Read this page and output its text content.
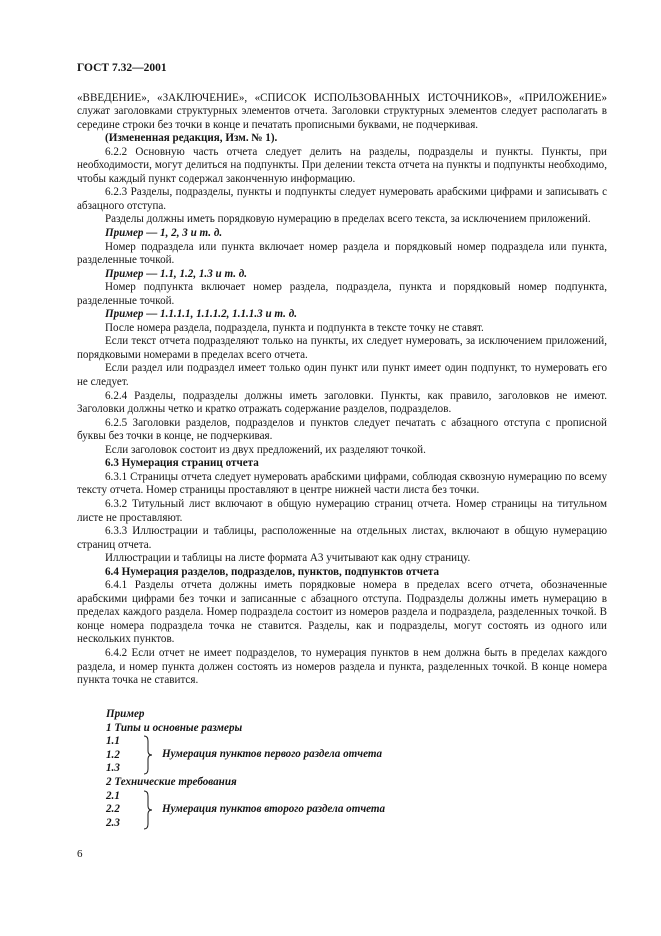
ГОСТ 7.32—2001

«ВВЕДЕНИЕ», «ЗАКЛЮЧЕНИЕ», «СПИСОК ИСПОЛЬЗОВАННЫХ ИСТОЧНИКОВ», «ПРИЛОЖЕНИЕ» служат заголовками структурных элементов отчета. Заголовки структурных элементов следует располагать в середине строки без точки в конце и печатать прописными буквами, не подчеркивая.

(Измененная редакция, Изм. № 1).

6.2.2 Основную часть отчета следует делить на разделы, подразделы и пункты. Пункты, при необходимости, могут делиться на подпункты. При делении текста отчета на пункты и подпункты необходимо, чтобы каждый пункт содержал законченную информацию.

6.2.3 Разделы, подразделы, пункты и подпункты следует нумеровать арабскими цифрами и записывать с абзацного отступа.

Разделы должны иметь порядковую нумерацию в пределах всего текста, за исключением приложений.

Пример — 1, 2, 3 и т. д.

Номер подраздела или пункта включает номер раздела и порядковый номер подраздела или пункта, разделенные точкой.

Пример — 1.1, 1.2, 1.3 и т. д.

Номер подпункта включает номер раздела, подраздела, пункта и порядковый номер подпункта, разделенные точкой.

Пример — 1.1.1.1, 1.1.1.2, 1.1.1.3 и т. д.

После номера раздела, подраздела, пункта и подпункта в тексте точку не ставят.

Если текст отчета подразделяют только на пункты, их следует нумеровать, за исключением приложений, порядковыми номерами в пределах всего отчета.

Если раздел или подраздел имеет только один пункт или пункт имеет один подпункт, то нумеровать его не следует.

6.2.4 Разделы, подразделы должны иметь заголовки. Пункты, как правило, заголовков не имеют. Заголовки должны четко и кратко отражать содержание разделов, подразделов.

6.2.5 Заголовки разделов, подразделов и пунктов следует печатать с абзацного отступа с прописной буквы без точки в конце, не подчеркивая.

Если заголовок состоит из двух предложений, их разделяют точкой.

6.3 Нумерация страниц отчета

6.3.1 Страницы отчета следует нумеровать арабскими цифрами, соблюдая сквозную нумерацию по всему тексту отчета. Номер страницы проставляют в центре нижней части листа без точки.

6.3.2 Титульный лист включают в общую нумерацию страниц отчета. Номер страницы на титульном листе не проставляют.

6.3.3 Иллюстрации и таблицы, расположенные на отдельных листах, включают в общую нумерацию страниц отчета.

Иллюстрации и таблицы на листе формата А3 учитывают как одну страницу.

6.4 Нумерация разделов, подразделов, пунктов, подпунктов отчета

6.4.1 Разделы отчета должны иметь порядковые номера в пределах всего отчета, обозначенные арабскими цифрами без точки и записанные с абзацного отступа. Подразделы должны иметь нумерацию в пределах каждого раздела. Номер подраздела состоит из номеров раздела и подраздела, разделенных точкой. В конце номера подраздела точка не ставится. Разделы, как и подразделы, могут состоять из одного или нескольких пунктов.

6.4.2 Если отчет не имеет подразделов, то нумерация пунктов в нем должна быть в пределах каждого раздела, и номер пункта должен состоять из номеров раздела и пункта, разделенных точкой. В конце номера пункта точка не ставится.

Пример
1 Типы и основные размеры
1.1
1.2
1.3
Нумерация пунктов первого раздела отчета
2 Технические требования
2.1
2.2
2.3
Нумерация пунктов второго раздела отчета
6
